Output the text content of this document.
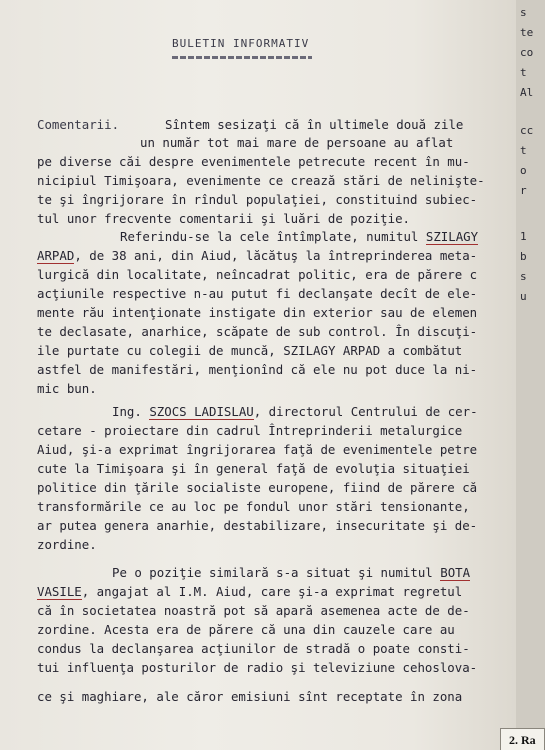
BULETIN INFORMATIV
Comentarii.	Sîntem sesizaţi că în ultimele două zile
un număr tot mai mare de persoane au aflat
pe diverse căi despre evenimentele petrecute recent în mu-
nicipiul Timişoara, evenimente ce crează stări de nelinişte-
te şi îngrijorare în rîndul populaţiei, constituind subiec-
tul unor frecvente comentarii şi luări de poziţie.
Referindu-se la cele întîmplate, numitul SZILAGY
ARPAD, de 38 ani, din Aiud, lăcătuş la întreprinderea meta-
lurgică din localitate, neîncadrat politic, era de părere c
acţiunile respective n-au putut fi declanşate decît de ele-
mente rău intenţionate instigate din exterior sau de elemen
te declasate, anarhice, scăpate de sub control. În discuţi-
ile purtate cu colegii de muncă, SZILAGY ARPAD a combătut
astfel de manifestări, menţionînd că ele nu pot duce la ni-
mic bun.
Ing. SZOCS LADISLAU, directorul Centrului de cer-
cetare - proiectare din cadrul Întreprinderii metalurgice
Aiud, şi-a exprimat îngrijorarea faţă de evenimentele petre
cute la Timişoara şi în general faţă de evoluţia situaţiei
politice din ţările socialiste europene, fiind de părere că
transformările ce au loc pe fondul unor stări tensionante,
ar putea genera anarhie, destabilizare, insecuritate şi de-
zordine.
Pe o poziţie similară s-a situat şi numitul BOTA
VASILE, angajat al I.M. Aiud, care şi-a exprimat regretul
că în societatea noastră pot să apară asemenea acte de de-
zordine. Acesta era de părere că una din cauzele care au
condus la declanşarea acţiunilor de stradă o poate consti-
tui influenţa posturilor de radio şi televiziune cehoslova-
ce şi maghiare, ale căror emisiuni sînt receptate în zona
s
te
co
t
Al
cc
t
o
r
1
b
s
u
2. Ra
